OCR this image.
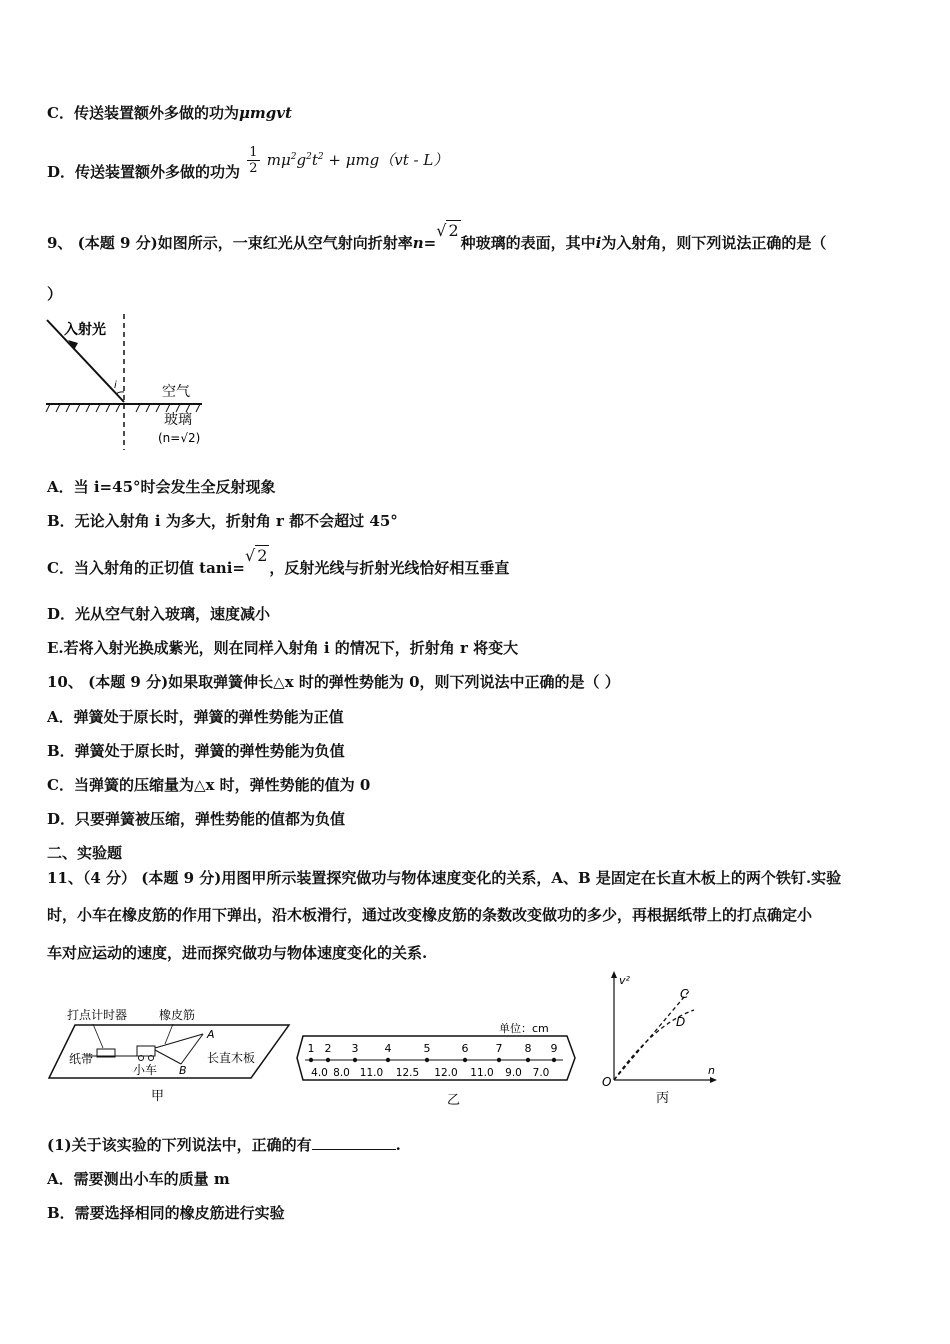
C．传送装置额外多做的功为μmgvt
D．传送装置额外多做的功为 $\frac{1}{2} m\mu^2g^2t^2 + \mu mg(vt - L)$
9、 (本题 9 分)如图所示，一束红光从空气射向折射率n=√ 2种玻璃的表面，其中i为入射角，则下列说法正确的是（
）
入射光
i	空气
玻璃
(n=√2)
A．当 i=45°时会发生全反射现象
B．无论入射角 i 为多大，折射角 r 都不会超过 45°
C．当入射角的正切值 tani=√ 2，反射光线与折射光线恰好相互垂直
D．光从空气射入玻璃，速度减小
E.若将入射光换成紫光，则在同样入射角 i 的情况下，折射角 r 将变大
10、 (本题 9 分)如果取弹簧伸长△x 时的弹性势能为 0，则下列说法中正确的是（ ）
A．弹簧处于原长时，弹簧的弹性势能为正值
B．弹簧处于原长时，弹簧的弹性势能为负值
C．当弹簧的压缩量为△x 时，弹性势能的值为 0
D．只要弹簧被压缩，弹性势能的值都为负值
二、实验题
11、（4 分） (本题 9 分)用图甲所示装置探究做功与物体速度变化的关系，A、B 是固定在长直木板上的两个铁钉.实验
时，小车在橡皮筋的作用下弹出，沿木板滑行，通过改变橡皮筋的条数改变做功的多少，再根据纸带上的打点确定小
车对应运动的速度，进而探究做功与物体速度变化的关系.
打点计时器	橡皮筋
纸带
小车
长直木板
A
B
甲
单位：cm
1 2 3 4	5	6 7 8 9
4.0 8.0 11.0 12.5 12.0 11.0 9.0 7.0
乙
v²
n
O
C
D
丙
(1)关于该实验的下列说法中，正确的有	.
A．需要测出小车的质量 m
B．需要选择相同的橡皮筋进行实验
